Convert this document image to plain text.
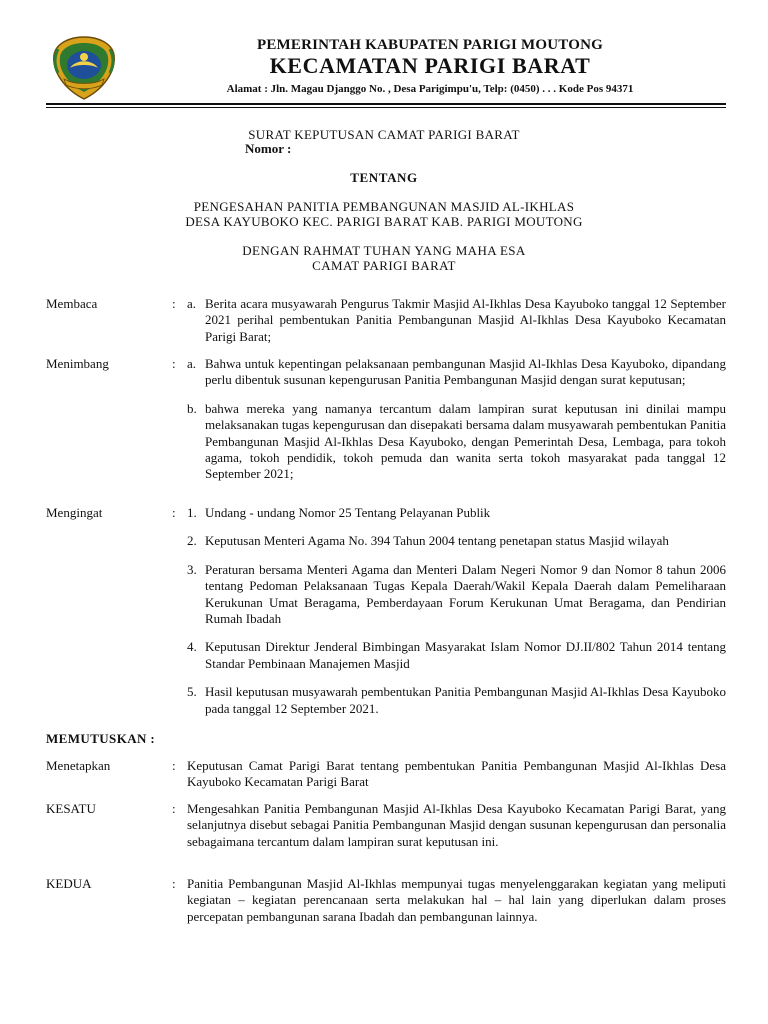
PEMERINTAH KABUPATEN PARIGI MOUTONG
KECAMATAN PARIGI BARAT
Alamat : Jln. Magau Djanggo No. , Desa Parigimpu'u, Telp: (0450) . . . Kode Pos 94371
SURAT KEPUTUSAN CAMAT PARIGI BARAT
Nomor :
TENTANG
PENGESAHAN PANITIA PEMBANGUNAN MASJID AL-IKHLAS
DESA KAYUBOKO KEC. PARIGI BARAT KAB. PARIGI MOUTONG
DENGAN RAHMAT TUHAN YANG MAHA ESA
CAMAT PARIGI BARAT
Membaca	: a. Berita acara musyawarah Pengurus Takmir Masjid Al-Ikhlas Desa Kayuboko tanggal 12 September 2021 perihal pembentukan Panitia Pembangunan Masjid Al-Ikhlas Desa Kayuboko Kecamatan Parigi Barat;
Menimbang	: a. Bahwa untuk kepentingan pelaksanaan pembangunan Masjid Al-Ikhlas Desa Kayuboko, dipandang perlu dibentuk susunan kepengurusan Panitia Pembangunan Masjid dengan surat keputusan;
b. bahwa mereka yang namanya tercantum dalam lampiran surat keputusan ini dinilai mampu melaksanakan tugas kepengurusan dan disepakati bersama dalam musyawarah pembentukan Panitia Pembangunan Masjid Al-Ikhlas Desa Kayuboko, dengan Pemerintah Desa, Lembaga, para tokoh agama, tokoh pendidik, tokoh pemuda dan wanita serta tokoh masyarakat pada tanggal 12 September 2021;
Mengingat	: 1. Undang - undang Nomor 25 Tentang Pelayanan Publik
2. Keputusan Menteri Agama No. 394 Tahun 2004 tentang penetapan status Masjid wilayah
3. Peraturan bersama Menteri Agama dan Menteri Dalam Negeri Nomor 9 dan Nomor 8 tahun 2006 tentang Pedoman Pelaksanaan Tugas Kepala Daerah/Wakil Kepala Daerah dalam Pemeliharaan Kerukunan Umat Beragama, Pemberdayaan Forum Kerukunan Umat Beragama, dan Pendirian Rumah Ibadah
4. Keputusan Direktur Jenderal Bimbingan Masyarakat Islam Nomor DJ.II/802 Tahun 2014 tentang Standar Pembinaan Manajemen Masjid
5. Hasil keputusan musyawarah pembentukan Panitia Pembangunan Masjid Al-Ikhlas Desa Kayuboko pada tanggal 12 September 2021.
MEMUTUSKAN :
Menetapkan	: Keputusan Camat Parigi Barat tentang pembentukan Panitia Pembangunan Masjid Al-Ikhlas Desa Kayuboko Kecamatan Parigi Barat
KESATU	: Mengesahkan Panitia Pembangunan Masjid Al-Ikhlas Desa Kayuboko Kecamatan Parigi Barat, yang selanjutnya disebut sebagai Panitia Pembangunan Masjid dengan susunan kepengurusan dan personalia sebagaimana tercantum dalam lampiran surat keputusan ini.
KEDUA	: Panitia Pembangunan Masjid Al-Ikhlas mempunyai tugas menyelenggarakan kegiatan yang meliputi kegiatan – kegiatan perencanaan serta melakukan hal – hal lain yang diperlukan dalam proses percepatan pembangunan sarana Ibadah dan pembangunan lainnya.
